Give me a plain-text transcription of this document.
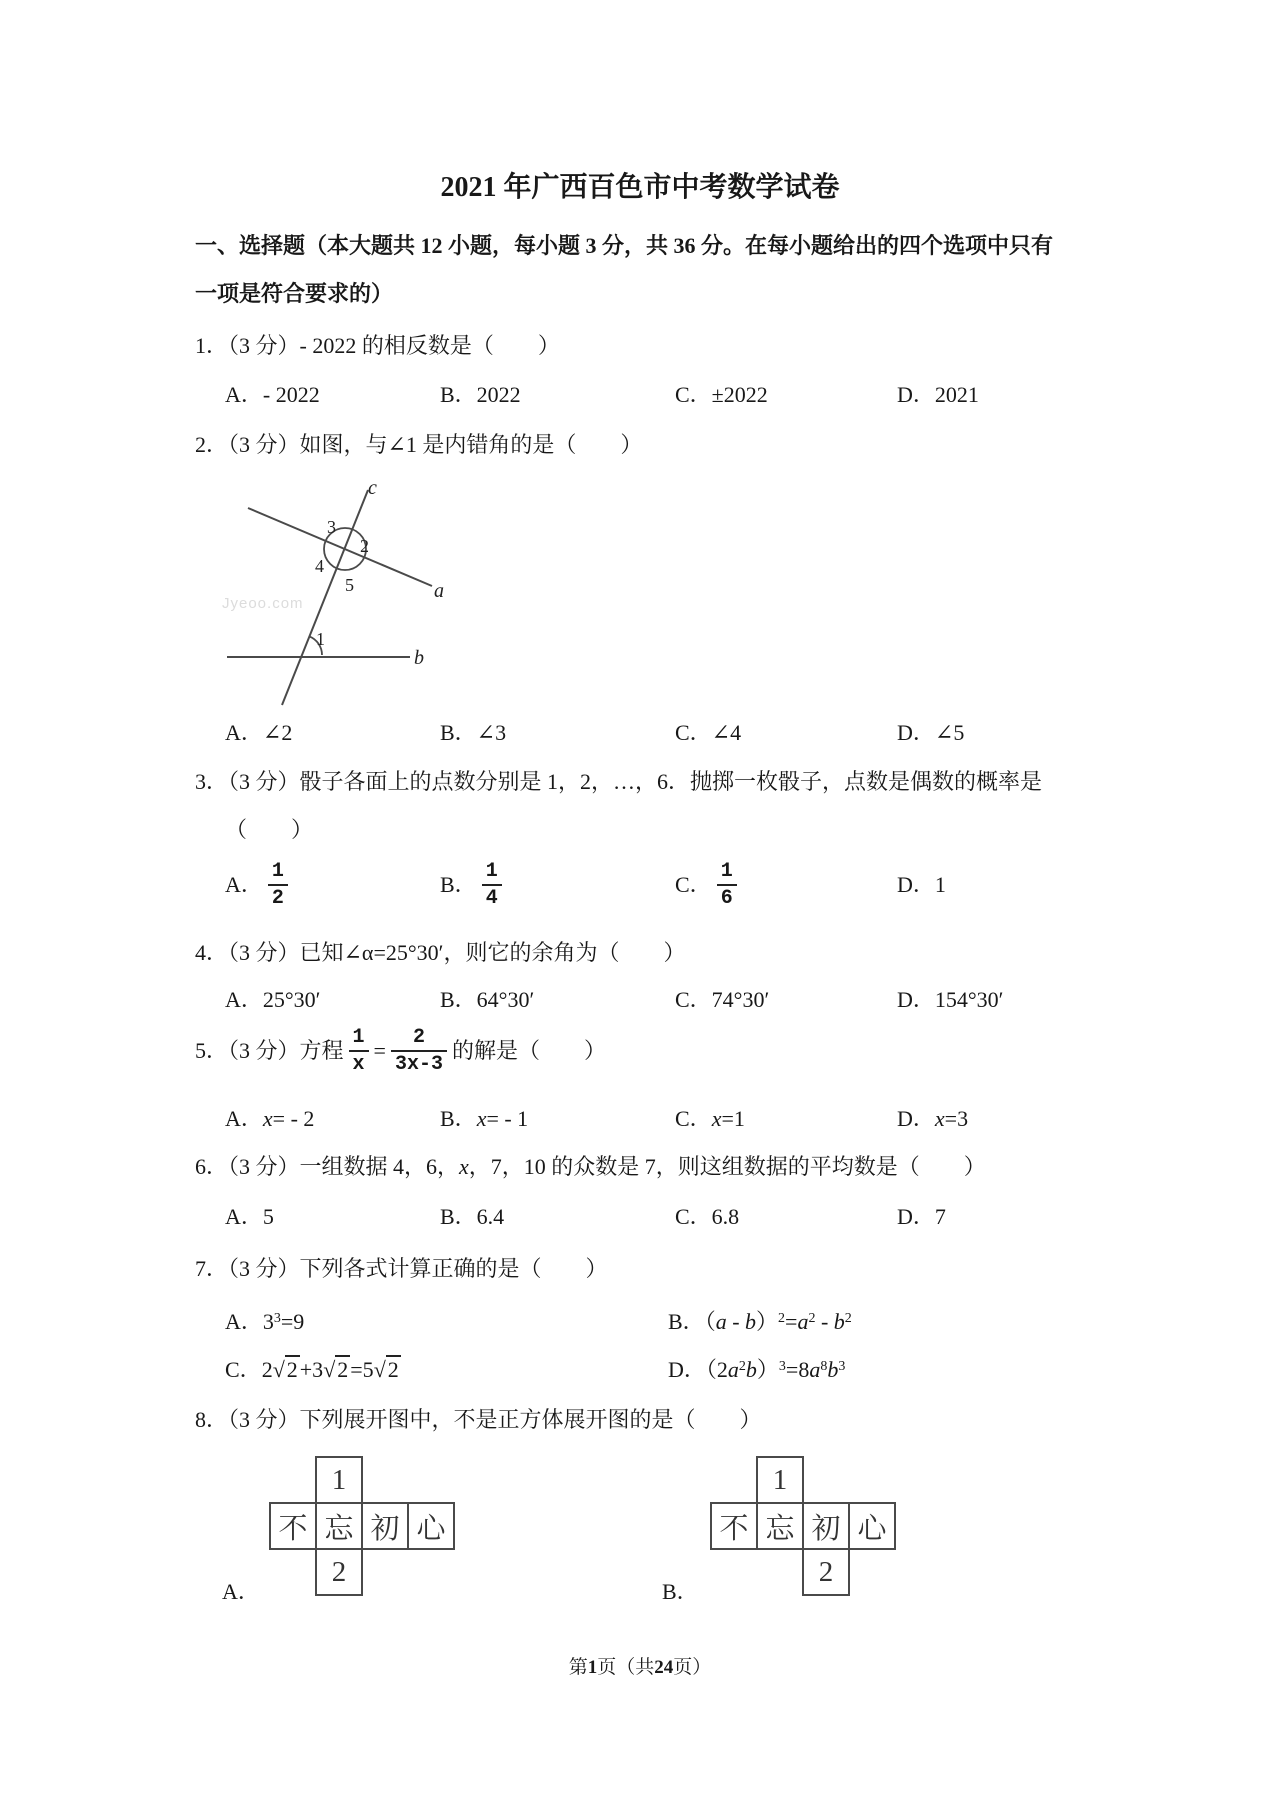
2021 年广西百色市中考数学试卷
一、选择题（本大题共 12 小题，每小题 3 分，共 36 分。在每小题给出的四个选项中只有
一项是符合要求的）
1．（3 分）- 2022 的相反数是（　　）
A．- 2022	B．2022	C．±2022	D．2021
2．（3 分）如图，与∠1 是内错角的是（　　）
Jyeoo.com
c
a
b
3
2
4
5
1
A．∠2	B．∠3	C．∠4	D．∠5
3．（3 分）骰子各面上的点数分别是 1，2，…，6．抛掷一枚骰子，点数是偶数的概率是
（　　）
A． $\frac{1}{2}$	B． $\frac{1}{4}$	C． $\frac{1}{6}$	D． 1
4．（3 分）已知∠α=25°30′，则它的余角为（　　）
A．25°30′	B．64°30′	C．74°30′	D．154°30′
5．（3 分）方程 $\frac{1}{x} = \frac{2}{3x-3}$ 的解是（　　）
A．x= - 2	B．x= - 1	C．x=1	D．x=3
6．（3 分）一组数据 4，6，x，7，10 的众数是 7，则这组数据的平均数是（　　）
A．5	B．6.4	C．6.8	D．7
7．（3 分）下列各式计算正确的是（　　）
A．$3^3=9$	B．$(a - b)^2=a^2 - b^2$
C．2√2+3√2=5√2	D．$(2a^2b)^3=8a^8b^3$
8．（3 分）下列展开图中，不是正方体展开图的是（　　）
1
不 忘 初 心
2
1
不 忘 初 心
2
A．	B．
第1页（共24页）
